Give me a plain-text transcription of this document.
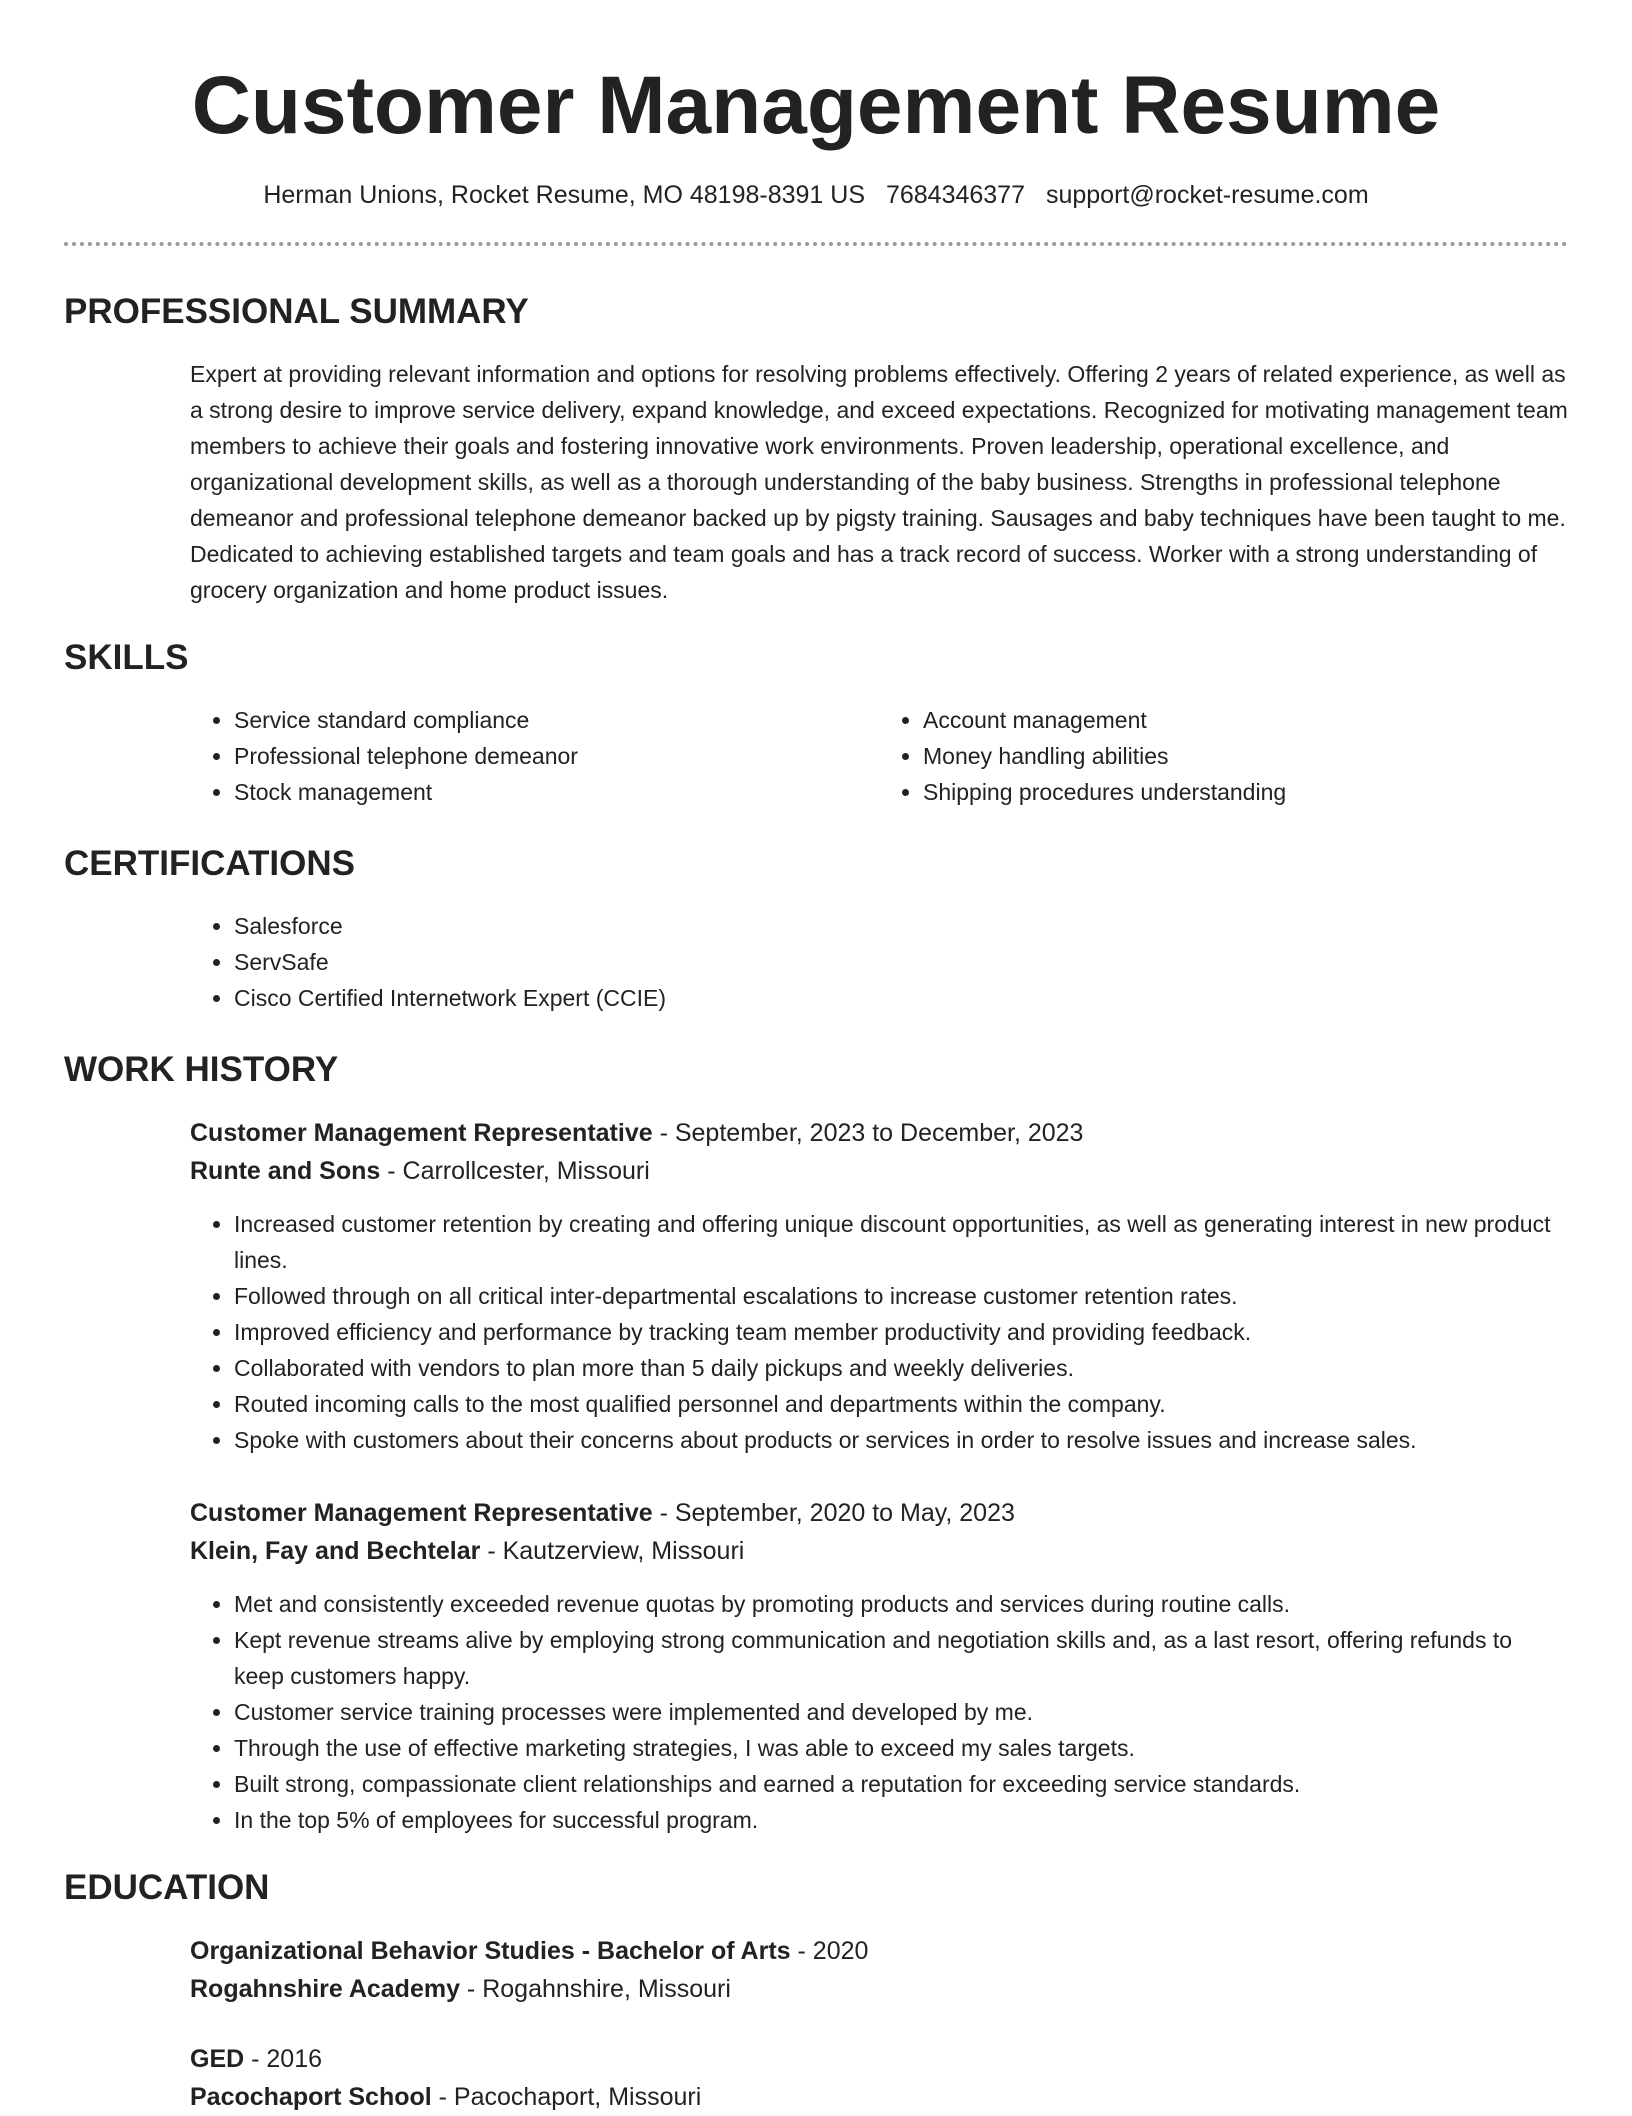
Customer Management Resume
Herman Unions, Rocket Resume, MO 48198-8391 US 7684346377 support@rocket-resume.com
PROFESSIONAL SUMMARY
Expert at providing relevant information and options for resolving problems effectively. Offering 2 years of related experience, as well as a strong desire to improve service delivery, expand knowledge, and exceed expectations. Recognized for motivating management team members to achieve their goals and fostering innovative work environments. Proven leadership, operational excellence, and organizational development skills, as well as a thorough understanding of the baby business. Strengths in professional telephone demeanor and professional telephone demeanor backed up by pigsty training. Sausages and baby techniques have been taught to me. Dedicated to achieving established targets and team goals and has a track record of success. Worker with a strong understanding of grocery organization and home product issues.
SKILLS
• Service standard compliance
• Professional telephone demeanor
• Stock management
• Account management
• Money handling abilities
• Shipping procedures understanding
CERTIFICATIONS
• Salesforce
• ServSafe
• Cisco Certified Internetwork Expert (CCIE)
WORK HISTORY
Customer Management Representative - September, 2023 to December, 2023
Runte and Sons - Carrollcester, Missouri
• Increased customer retention by creating and offering unique discount opportunities, as well as generating interest in new product lines.
• Followed through on all critical inter-departmental escalations to increase customer retention rates.
• Improved efficiency and performance by tracking team member productivity and providing feedback.
• Collaborated with vendors to plan more than 5 daily pickups and weekly deliveries.
• Routed incoming calls to the most qualified personnel and departments within the company.
• Spoke with customers about their concerns about products or services in order to resolve issues and increase sales.
Customer Management Representative - September, 2020 to May, 2023
Klein, Fay and Bechtelar - Kautzerview, Missouri
• Met and consistently exceeded revenue quotas by promoting products and services during routine calls.
• Kept revenue streams alive by employing strong communication and negotiation skills and, as a last resort, offering refunds to keep customers happy.
• Customer service training processes were implemented and developed by me.
• Through the use of effective marketing strategies, I was able to exceed my sales targets.
• Built strong, compassionate client relationships and earned a reputation for exceeding service standards.
• In the top 5% of employees for successful program.
EDUCATION
Organizational Behavior Studies - Bachelor of Arts - 2020
Rogahnshire Academy - Rogahnshire, Missouri
GED - 2016
Pacochaport School - Pacochaport, Missouri
